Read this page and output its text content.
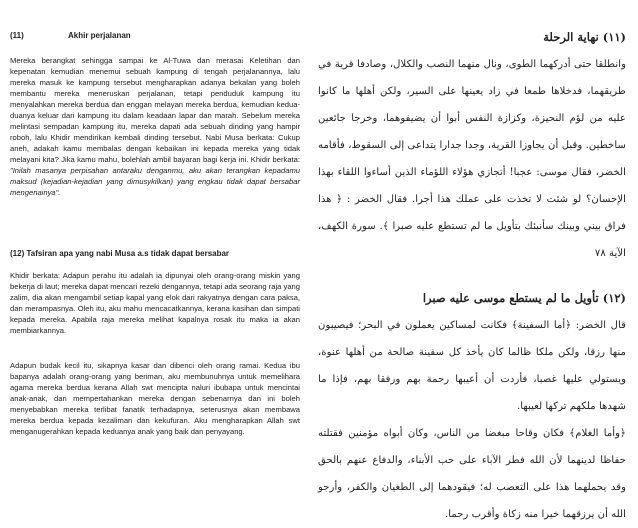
(11)	Akhir perjalanan

Mereka berangkat sehingga sampai ke Al-Tuwa dan merasai Keletihan dan kepenatan kemudian menemui sebuah kampung di tengah perjalanannya, lalu mereka masuk ke kampung tersebut mengharapkan adanya bekalan yang boleh membantu mereka meneruskan perjalanan, tetapi penduduk kampung itu menyalahkan mereka berdua dan enggan melayan mereka berdua, kemudian kedua-duanya keluar dari kampung itu dalam keadaan lapar dan marah. Sebelum mereka melintasi sempadan kampung itu, mereka dapati ada sebuah dinding yang hampir roboh, lalu Khidir mendirikan kembali dinding tersebut. Nabi Musa berkata: Cukup aneh, adakah kamu membalas dengan kebaikan ini kepada mereka yang tidak melayani kita? Jika kamu mahu, bolehlah ambil bayaran bagi kerja ini. Khidir berkata: "Inilah masanya perpisahan antaraku denganmu, aku akan terangkan kepadamu maksud (kejadian-kejadian yang dimusykilkan) yang engkau tidak dapat bersabar mengenainya".

(12) Tafsiran apa yang nabi Musa a.s tidak dapat bersabar

Khidir berkata: Adapun perahu itu adalah ia dipunyai oleh orang-orang miskin yang bekerja di laut; mereka dapat mencari rezeki dengannya, tetapi ada seorang raja yang zalim, dia akan mengambil setiap kapal yang elok dari rakyatnya dengan cara paksa, dan merampasnya. Oleh itu, aku mahu mencacatkannya, kerana kasihan dan simpati kepada mereka. Apabila raja mereka melihat kapalnya rosak itu maka ia akan membiarkannya.

Adapun budak kecil itu, sikapnya kasar dan dibenci oleh orang ramai. Kedua ibu bapanya adalah orang-orang yang beriman, aku membunuhnya untuk memelihara agama mereka berdua kerana Allah swt mencipta naluri ibubapa untuk mencintai anak-anak, dan mempertahankan mereka dengan sebenarnya dan ini boleh menyebabkan mereka terlibat fanatik terhadapnya, seterusnya akan membawa mereka berdua kepada kezaliman dan kekufuran. Aku mengharapkan Allah swt menganugerahkan kepada keduanya anak yang baik dan penyayang.

(١١) نهاية الرحلة

وانطلقا حتى أدركهما الطوى، ونال منهما النصب والكلال، وصادفا قرية في طريقهما، فدخلاها طمعا في زاد يعينها على السير، ولكن أهلها ما كانوا عليه من لؤم النحيزة، وكزازة النفس أبوا أن يضيفوهما، وخرجا جائعين ساخطين. وقبل أن يجاوزا القرية، وجدا جدارا يتداعى إلى السقوط، فأقامه الخضر، فقال موسى: عجبا! أتجازي هؤلاء اللؤماء الذين أساءوا اللقاء بهذا الإحسان؟ لو شئت لا تخذت على عملك هذا أجرا. فقال الخضر : ﴿ هذا فراق بيني وبينك سأنبئك بتأويل ما لم تستطع عليه صبرا ﴾. سورة الكهف، الآية ٧٨

(١٢) تأويل ما لم يستطع موسى عليه صبرا

قال الخضر: ﴿أما السفينة﴾ فكانت لمساكين يعملون في البحر؛ فيصيبون منها رزقا، ولكن ملكا ظالما كان يأخذ كل سفينة صالحة من أهلها عنوة، ويستولي عليها غصبا، فأردت أن أعيبها رحمة بهم ورفقا بهم، فإذا ما شهدها ملكهم تركها لعيبها.

﴿وأما الغلام﴾ فكان وقاحا مبغضا من الناس، وكان أبواه مؤمنين فقتلته حفاظا لدينهما لأن الله فطر الآباء على حب الأبناء، والدفاع عنهم بالحق وقد يحملهما هذا على التعصب له؛ فيقودهما إلى الطغيان والكفر، وأرجو الله أن يرزقهما خيرا منه زكاة وأقرب رحما.
